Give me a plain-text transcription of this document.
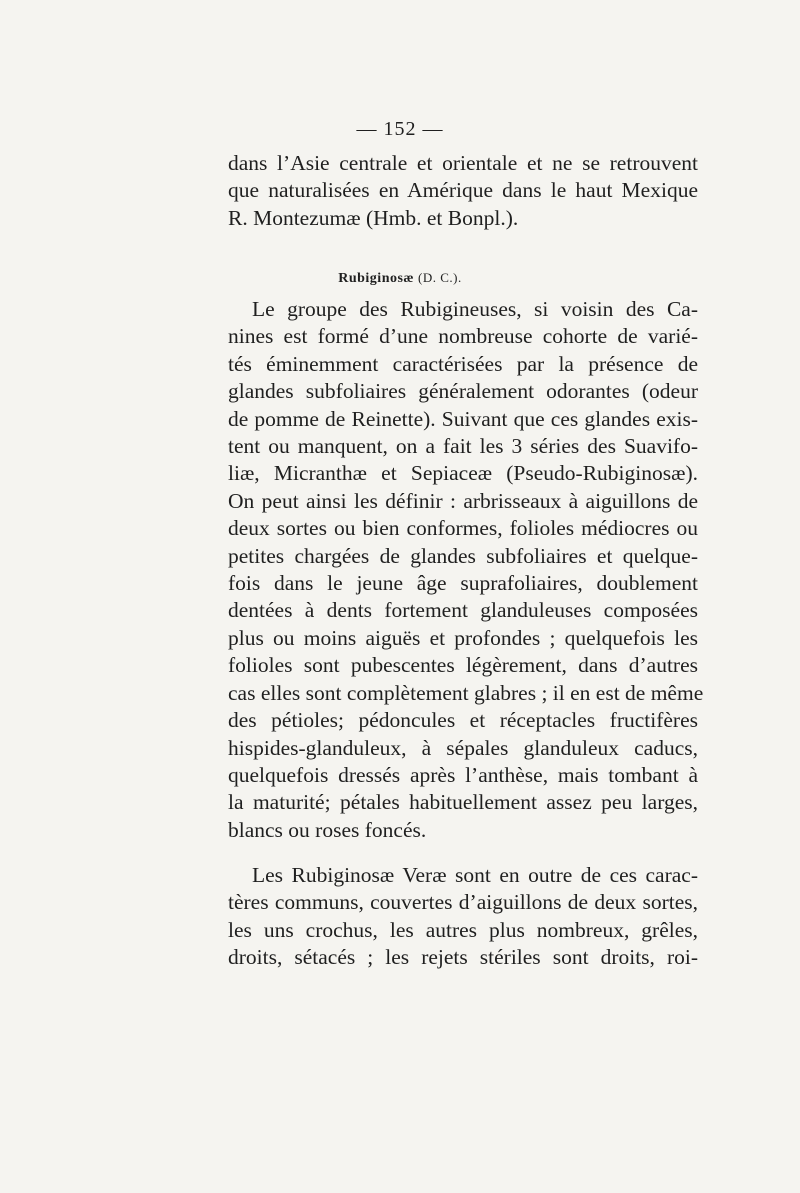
— 152 —
dans l’Asie centrale et orientale et ne se retrouvent
que naturalisées en Amérique dans le haut Mexique
R. Montezumæ (Hmb. et Bonpl.).
Rubiginosæ (D. C.).
Le groupe des Rubigineuses, si voisin des Ca-
nines est formé d’une nombreuse cohorte de varié-
tés éminemment caractérisées par la présence de
glandes subfoliaires généralement odorantes (odeur
de pomme de Reinette). Suivant que ces glandes exis-
tent ou manquent, on a fait les 3 séries des Suavifo-
liæ, Micranthæ et Sepiaceæ (Pseudo-Rubiginosæ).
On peut ainsi les définir : arbrisseaux à aiguillons de
deux sortes ou bien conformes, folioles médiocres ou
petites chargées de glandes subfoliaires et quelque-
fois dans le jeune âge suprafoliaires, doublement
dentées à dents fortement glanduleuses composées
plus ou moins aiguës et profondes ; quelquefois les
folioles sont pubescentes légèrement, dans d’autres
cas elles sont complètement glabres ; il en est de même
des pétioles; pédoncules et réceptacles fructifères
hispides-glanduleux, à sépales glanduleux caducs,
quelquefois dressés après l’anthèse, mais tombant à
la maturité; pétales habituellement assez peu larges,
blancs ou roses foncés.
Les Rubiginosæ Veræ sont en outre de ces carac-
tères communs, couvertes d’aiguillons de deux sortes,
les uns crochus, les autres plus nombreux, grêles,
droits, sétacés ; les rejets stériles sont droits, roi-
